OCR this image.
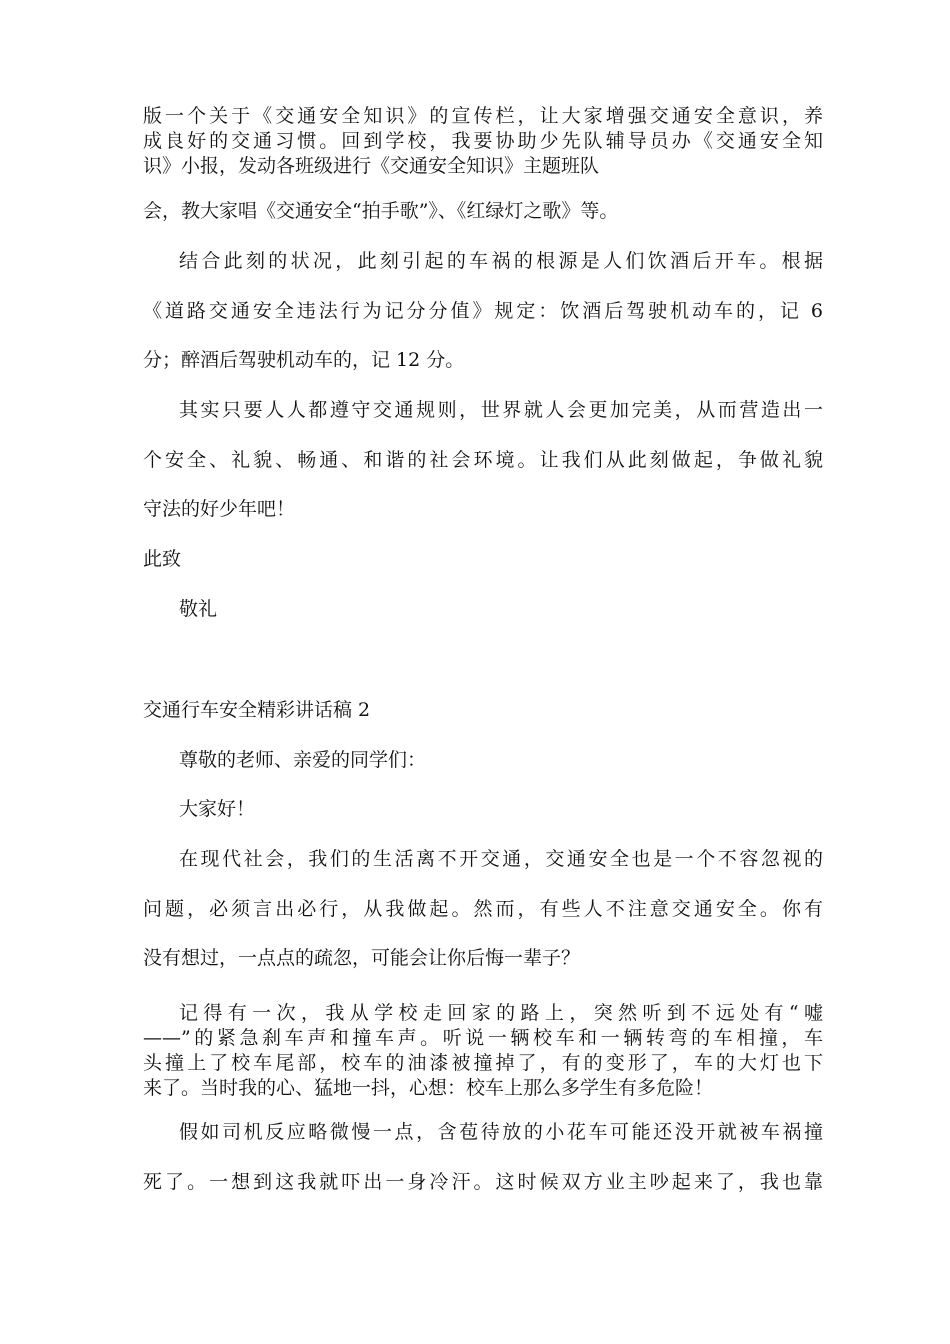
版一个关于《交通安全知识》的宣传栏，让大家增强交通安全意识，养
成良好的交通习惯。回到学校，我要协助少先队辅导员办《交通安全知
识》小报，发动各班级进行《交通安全知识》主题班队
会，教大家唱《交通安全“拍手歌”》、《红绿灯之歌》等。
结合此刻的状况，此刻引起的车祸的根源是人们饮酒后开车。根据
《道路交通安全违法行为记分分值》规定：饮酒后驾驶机动车的，记 6
分；醉酒后驾驶机动车的，记 12 分。
其实只要人人都遵守交通规则，世界就人会更加完美，从而营造出一
个安全、礼貌、畅通、和谐的社会环境。让我们从此刻做起，争做礼貌
守法的好少年吧！
此致
敬礼
交通行车安全精彩讲话稿 2
尊敬的老师、亲爱的同学们：
大家好！
在现代社会，我们的生活离不开交通，交通安全也是一个不容忽视的
问题，必须言出必行，从我做起。然而，有些人不注意交通安全。你有
没有想过，一点点的疏忽，可能会让你后悔一辈子？
记得有一次，我从学校走回家的路上，突然听到不远处有“嘘
——”的紧急刹车声和撞车声。听说一辆校车和一辆转弯的车相撞，车
头撞上了校车尾部，校车的油漆被撞掉了，有的变形了，车的大灯也下
来了。当时我的心、猛地一抖，心想：校车上那么多学生有多危险！
假如司机反应略微慢一点，含苞待放的小花车可能还没开就被车祸撞
死了。一想到这我就吓出一身冷汗。这时候双方业主吵起来了，我也靠
